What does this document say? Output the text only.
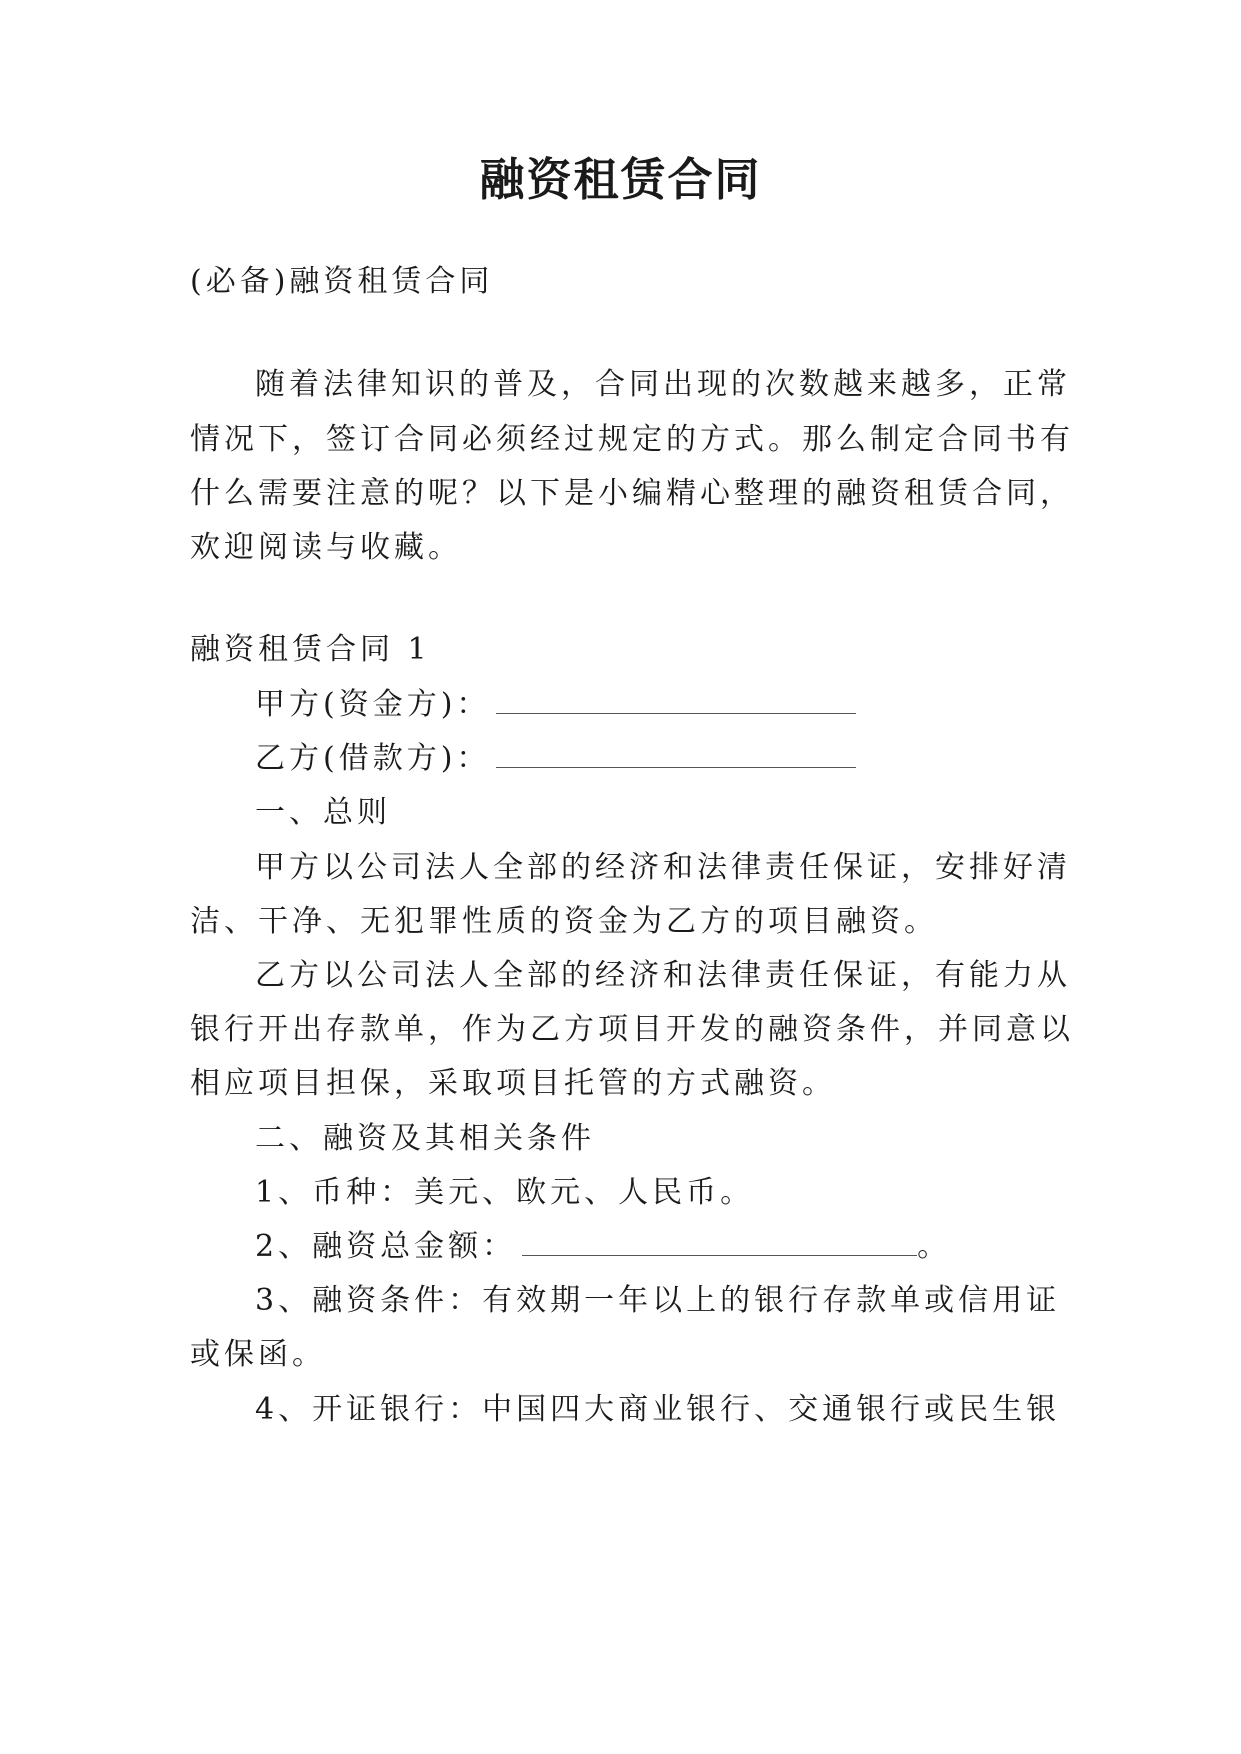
融资租赁合同

(必备)融资租赁合同

随着法律知识的普及，合同出现的次数越来越多，正常

情况下，签订合同必须经过规定的方式。那么制定合同书有

什么需要注意的呢？以下是小编精心整理的融资租赁合同，

欢迎阅读与收藏。

融资租赁合同 1

甲方(资金方)：

乙方(借款方)：

一、总则

甲方以公司法人全部的经济和法律责任保证，安排好清

洁、干净、无犯罪性质的资金为乙方的项目融资。

乙方以公司法人全部的经济和法律责任保证，有能力从

银行开出存款单，作为乙方项目开发的融资条件，并同意以

相应项目担保，采取项目托管的方式融资。

二、融资及其相关条件

1、币种：美元、欧元、人民币。

2、融资总金额：	。

3、融资条件：有效期一年以上的银行存款单或信用证

或保函。

4、开证银行：中国四大商业银行、交通银行或民生银
